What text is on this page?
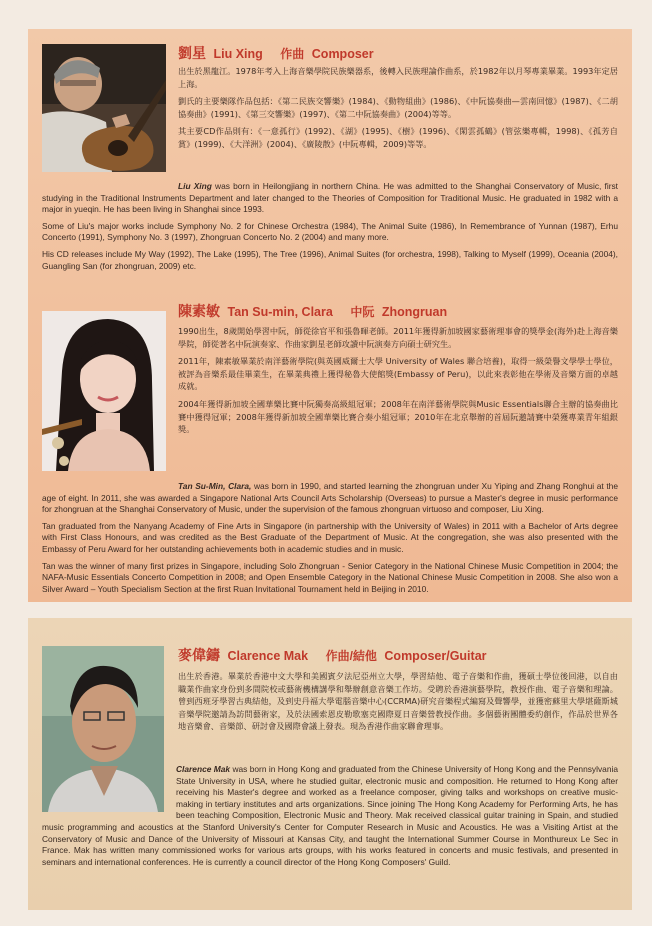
劉星 Liu Xing 作曲 Composer

出生於黑龍江。1978年考入上海音樂學院民族樂器系，後轉入民族理論作曲系，於1982年以月琴專業畢業。1993年定居上海。

劉氏的主要樂隊作品包括：《第二民族交響樂》(1984)、《動物組曲》(1986)、《中阮協奏曲—雲南回憶》(1987)、《二胡協奏曲》(1991)、《第三交響樂》(1997)、《第二中阮協奏曲》(2004)等等。

其主要CD作品則有：《一意孤行》(1992)、《湖》(1995)、《樹》(1996)、《閑雲孤鶴》(管弦樂專輯，1998)、《孤芳自賞》(1999)、《大洋洲》(2004)、《廣陵散》(中阮專輯，2009)等等。

Liu Xing was born in Heilongjiang in northern China. He was admitted to the Shanghai Conservatory of Music, first studying in the Traditional Instruments Department and later changed to the Theories of Composition for Traditional Music. He graduated in 1982 with a major in yueqin. He has been living in Shanghai since 1993.

Some of Liu's major works include Symphony No. 2 for Chinese Orchestra (1984), The Animal Suite (1986), In Remembrance of Yunnan (1987), Erhu Concerto (1991), Symphony No. 3 (1997), Zhongruan Concerto No. 2 (2004) and many more.

His CD releases include My Way (1992), The Lake (1995), The Tree (1996), Animal Suites (for orchestra, 1998), Talking to Myself (1999), Oceania (2004), Guangling San (for zhongruan, 2009) etc.

陳素敏 Tan Su-min, Clara 中阮 Zhongruan

1990出生，8歲開始學習中阮，師從徐官平和張魯暉老師。2011年獲得新加坡國家藝術理事會的獎學金(海外)赴上海音樂學院，師從著名中阮演奏家、作曲家劉星老師攻讀中阮演奏方向碩士研究生。

2011年，陳素敏畢業於南洋藝術學院(與英國威爾士大學 University of Wales 聯合培養)，取得一級榮譽文學學士學位，被評為音樂系最佳畢業生，在畢業典禮上獲得秘魯大使館獎(Embassy of Peru)，以此來表彰他在學術及音樂方面的卓越成就。

2004年獲得新加坡全國華樂比賽中阮獨奏高級組冠軍；2008年在南洋藝術學院與Music Essentials聯合主辦的協奏曲比賽中獲得冠軍；2008年獲得新加坡全國華樂比賽合奏小組冠軍；2010年在北京舉辦的首屆阮邀請賽中榮獲專業青年組銀獎。

Tan Su-Min, Clara, was born in 1990, and started learning the zhongruan under Xu Yiping and Zhang Ronghui at the age of eight. In 2011, she was awarded a Singapore National Arts Council Arts Scholarship (Overseas) to pursue a Master's degree in music performance for zhongruan at the Shanghai Conservatory of Music, under the supervision of the famous zhongruan virtuoso and composer, Liu Xing.

Tan graduated from the Nanyang Academy of Fine Arts in Singapore (in partnership with the University of Wales) in 2011 with a Bachelor of Arts degree with First Class Honours, and was credited as the Best Graduate of the Department of Music. At the congregation, she was also presented with the Embassy of Peru Award for her outstanding achievements both in academic studies and in music.

Tan was the winner of many first prizes in Singapore, including Solo Zhongruan - Senior Category in the National Chinese Music Competition in 2004; the NAFA-Music Essentials Concerto Competition in 2008; and Open Ensemble Category in the National Chinese Music Competition in 2008. She also won a Silver Award – Youth Specialism Section at the first Ruan Invitational Tournament held in Beijing in 2010.

麥偉鑄 Clarence Mak 作曲/結他 Composer/Guitar

出生於香港。畢業於香港中文大學和美國賓夕法尼亞州立大學，學習結他、電子音樂和作曲，獲碩士學位後回港，以自由職業作曲家身份到多間院校或藝術機構講學和舉辦創意音樂工作坊。受聘於香港演藝學院，教授作曲、電子音樂和理論。曾到西班牙學習古典結他，及到史丹福大學電腦音樂中心(CCRMA)研究音樂程式編寫及聲響學，並獲密蘇里大學堪薩斯城音樂學院邀請為訪問藝術家，及於法國索恩皮勒歌塞克國際夏日音樂營教授作曲。多個藝術團體委約創作，作品於世界各地音樂會、音樂節、研討會及國際會議上發表。現為香港作曲家聯會理事。

Clarence Mak was born in Hong Kong and graduated from the Chinese University of Hong Kong and the Pennsylvania State University in USA, where he studied guitar, electronic music and composition. He returned to Hong Kong after receiving his Master's degree and worked as a freelance composer, giving talks and workshops on creative music-making in tertiary institutes and arts organizations. Since joining The Hong Kong Academy for Performing Arts, he has been teaching Composition, Electronic Music and Theory. Mak received classical guitar training in Spain, and studied music programming and acoustics at the Stanford University's Center for Computer Research in Music and Acoustics. He was a Visiting Artist at the Conservatory of Music and Dance of the University of Missouri at Kansas City, and taught the International Summer Course in Monthureux Le Sec in France. Mak has written many commissioned works for various arts groups, with his works featured in concerts and music festivals, and presented in seminars and international conferences. He is currently a council director of the Hong Kong Composers' Guild.
